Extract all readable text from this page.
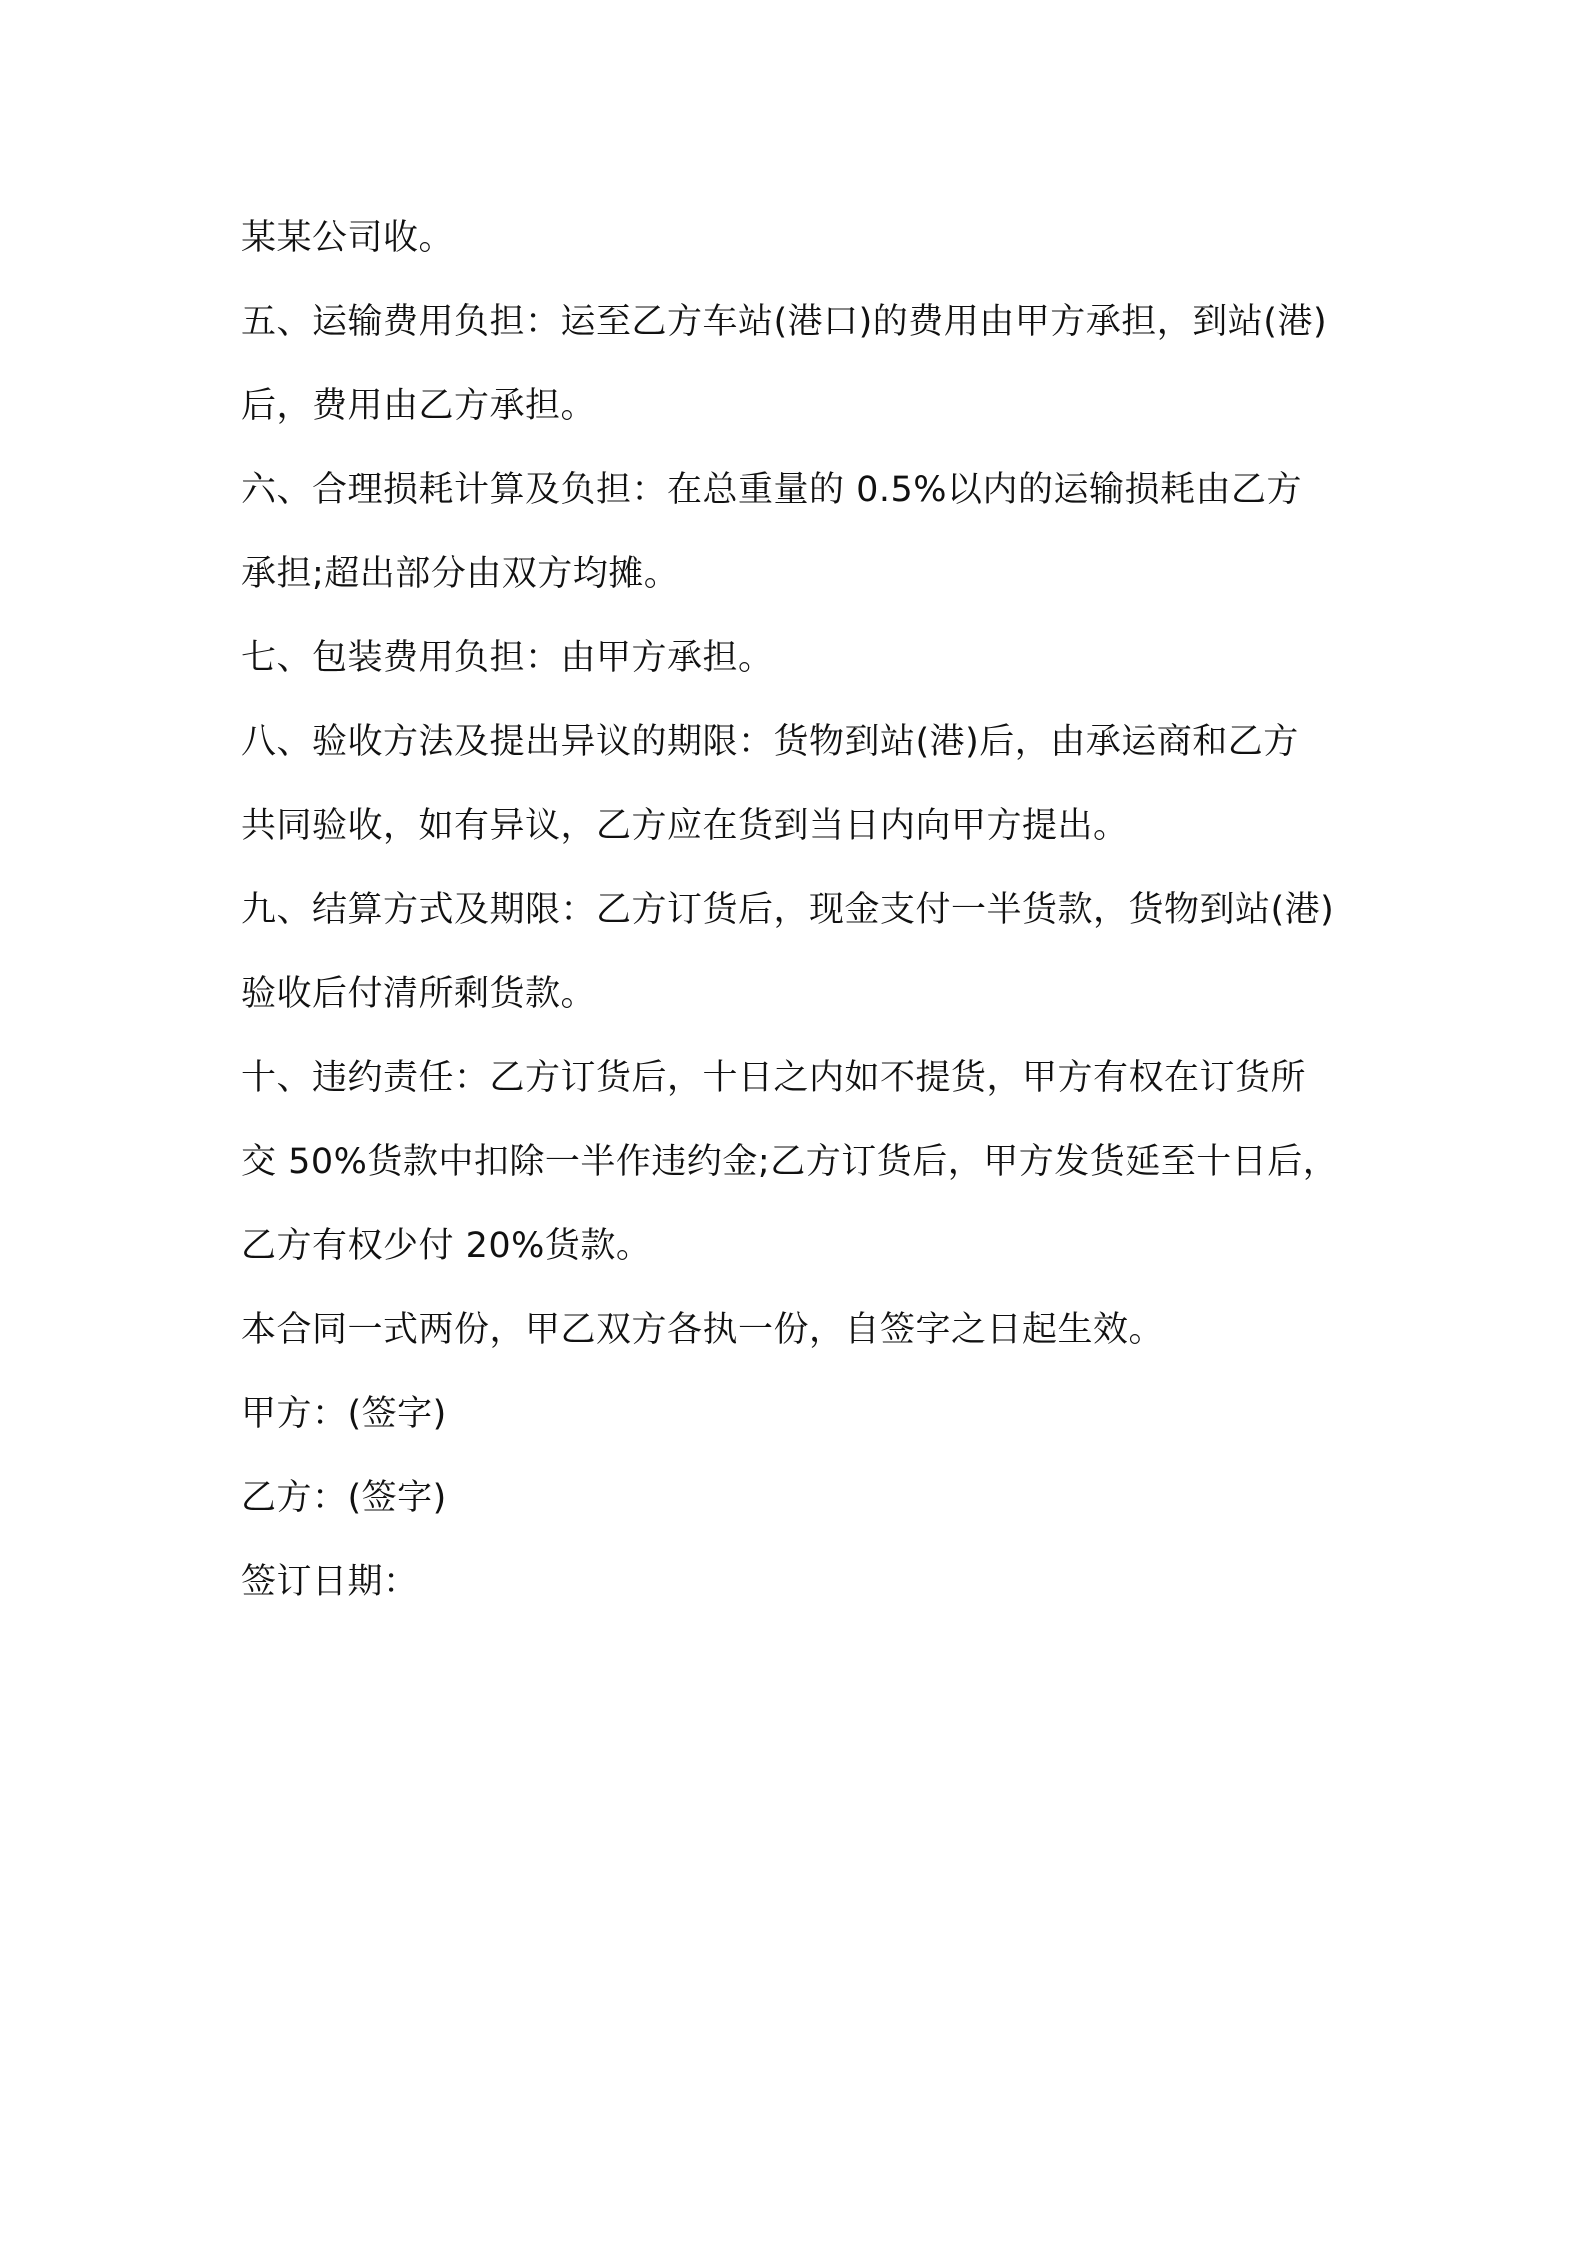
某某公司收。
五、运输费用负担：运至乙方车站(港口)的费用由甲方承担，到站(港)
后，费用由乙方承担。
六、合理损耗计算及负担：在总重量的 0.5%以内的运输损耗由乙方
承担;超出部分由双方均摊。
七、包装费用负担：由甲方承担。
八、验收方法及提出异议的期限：货物到站(港)后，由承运商和乙方
共同验收，如有异议，乙方应在货到当日内向甲方提出。
九、结算方式及期限：乙方订货后，现金支付一半货款，货物到站(港)
验收后付清所剩货款。
十、违约责任：乙方订货后，十日之内如不提货，甲方有权在订货所
交 50%货款中扣除一半作违约金;乙方订货后，甲方发货延至十日后，
乙方有权少付 20%货款。
本合同一式两份，甲乙双方各执一份，自签字之日起生效。
甲方：(签字)
乙方：(签字)
签订日期：
